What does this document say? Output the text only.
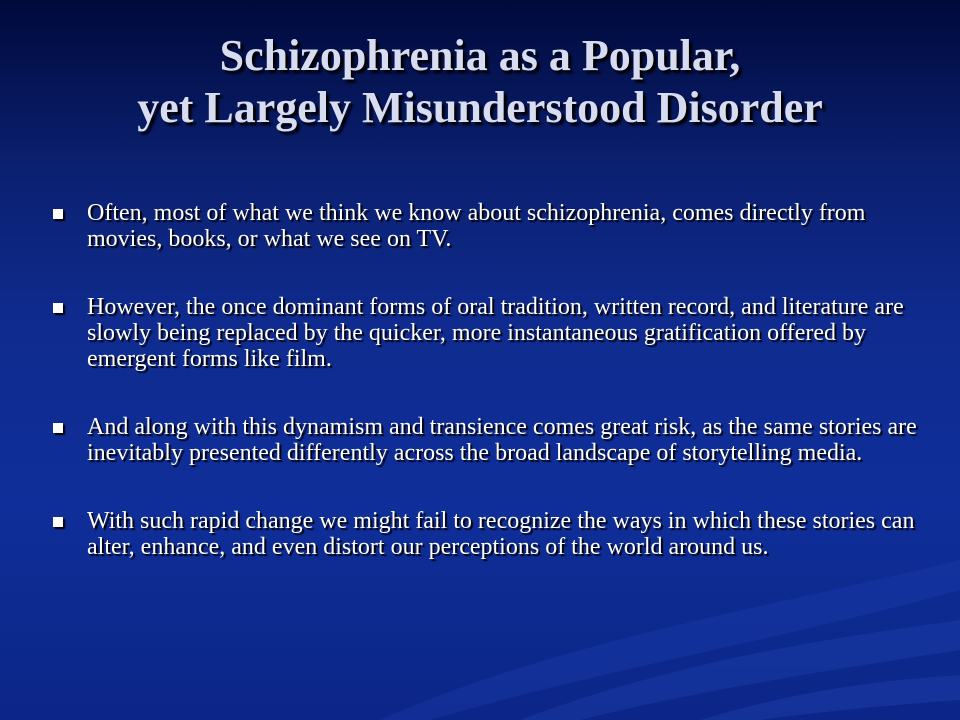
Schizophrenia as a Popular,
yet Largely Misunderstood Disorder
Often, most of what we think we know about schizophrenia, comes directly from movies, books, or what we see on TV.
However, the once dominant forms of oral tradition, written record, and literature are slowly being replaced by the quicker, more instantaneous gratification offered by emergent forms like film.
And along with this dynamism and transience comes great risk, as the same stories are inevitably presented differently across the broad landscape of storytelling media.
With such rapid change we might fail to recognize the ways in which these stories can alter, enhance, and even distort our perceptions of the world around us.
